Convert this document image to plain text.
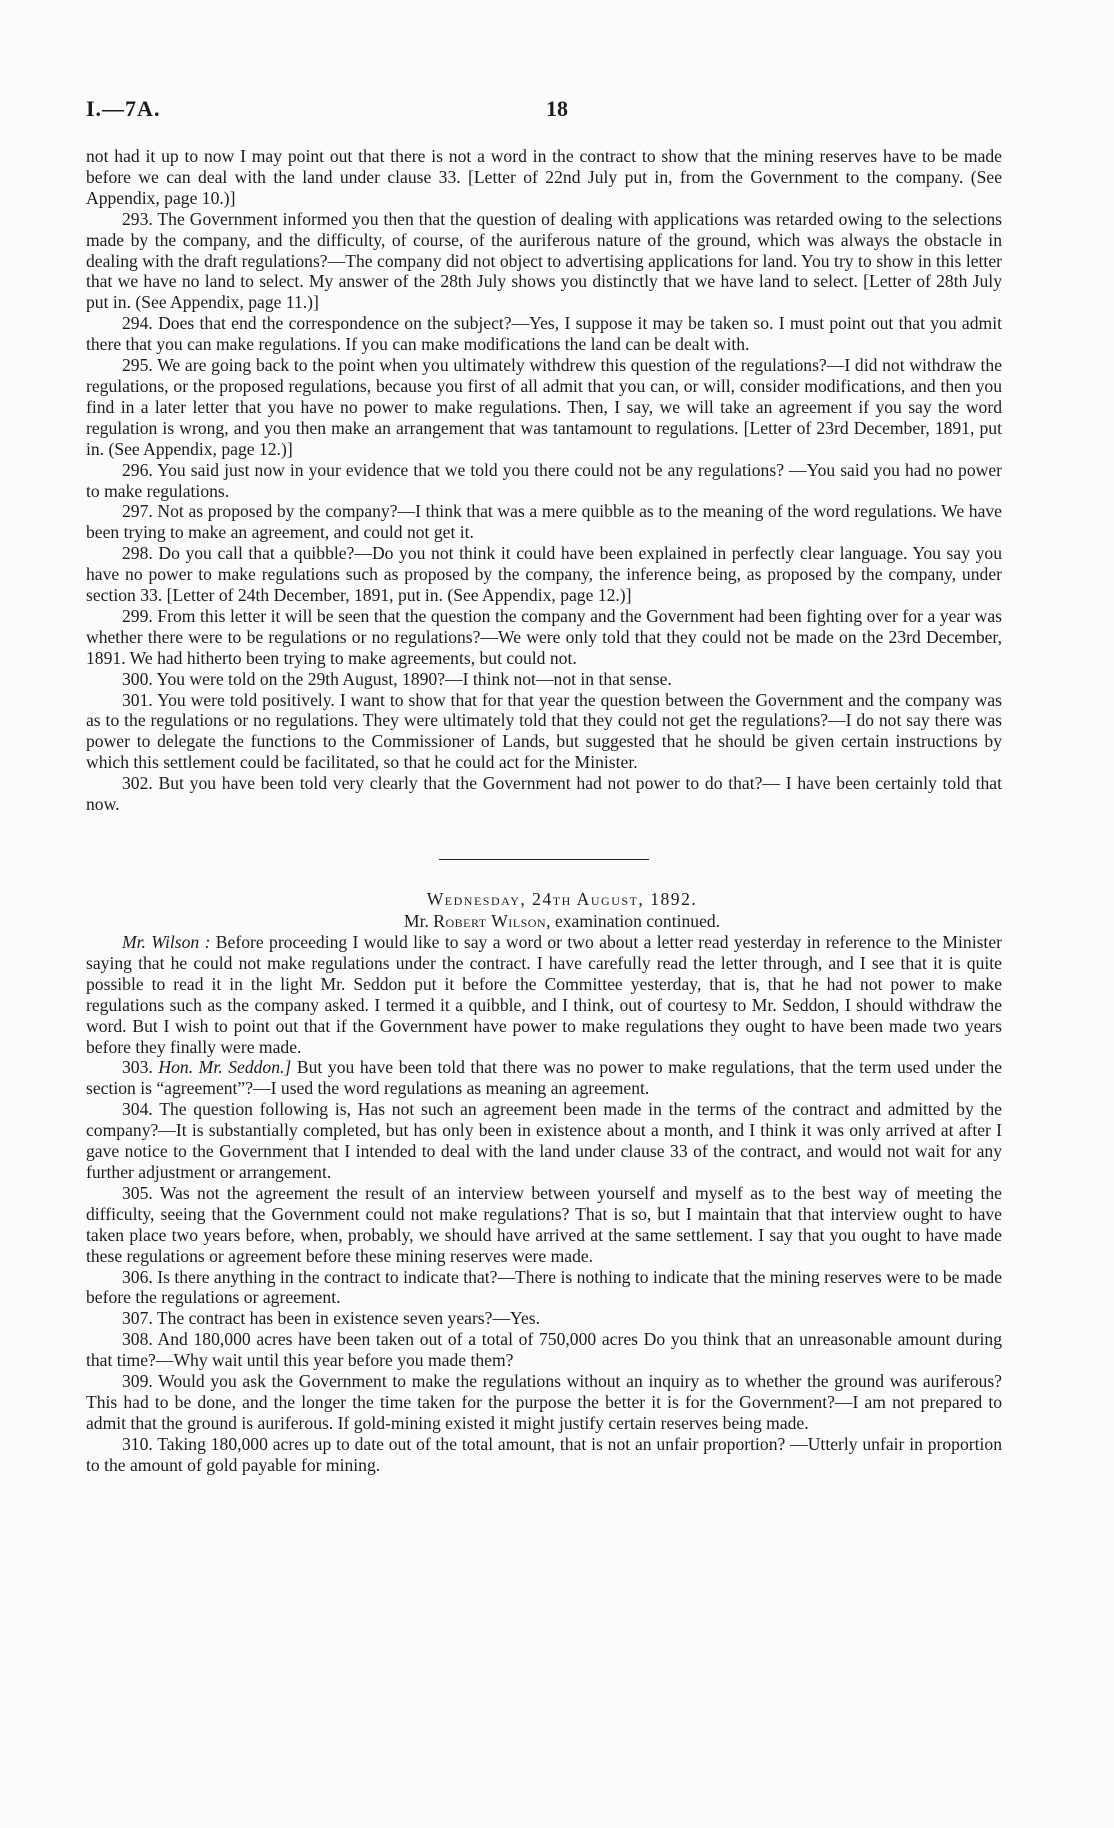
I.—7A.	18

not had it up to now I may point out that there is not a word in the contract to show that the mining reserves have to be made before we can deal with the land under clause 33. [Letter of 22nd July put in, from the Government to the company. (See Appendix, page 10.)]

293. The Government informed you then that the question of dealing with applications was retarded owing to the selections made by the company, and the difficulty, of course, of the auriferous nature of the ground, which was always the obstacle in dealing with the draft regulations?—The company did not object to advertising applications for land. You try to show in this letter that we have no land to select. My answer of the 28th July shows you distinctly that we have land to select. [Letter of 28th July put in. (See Appendix, page 11.)]

294. Does that end the correspondence on the subject?—Yes, I suppose it may be taken so. I must point out that you admit there that you can make regulations. If you can make modifications the land can be dealt with.

295. We are going back to the point when you ultimately withdrew this question of the regulations?—I did not withdraw the regulations, or the proposed regulations, because you first of all admit that you can, or will, consider modifications, and then you find in a later letter that you have no power to make regulations. Then, I say, we will take an agreement if you say the word regulation is wrong, and you then make an arrangement that was tantamount to regulations. [Letter of 23rd December, 1891, put in. (See Appendix, page 12.)]

296. You said just now in your evidence that we told you there could not be any regulations? —You said you had no power to make regulations.

297. Not as proposed by the company?—I think that was a mere quibble as to the meaning of the word regulations. We have been trying to make an agreement, and could not get it.

298. Do you call that a quibble?—Do you not think it could have been explained in perfectly clear language. You say you have no power to make regulations such as proposed by the company, the inference being, as proposed by the company, under section 33. [Letter of 24th December, 1891, put in. (See Appendix, page 12.)]

299. From this letter it will be seen that the question the company and the Government had been fighting over for a year was whether there were to be regulations or no regulations?—We were only told that they could not be made on the 23rd December, 1891. We had hitherto been trying to make agreements, but could not.

300. You were told on the 29th August, 1890?—I think not—not in that sense.

301. You were told positively. I want to show that for that year the question between the Government and the company was as to the regulations or no regulations. They were ultimately told that they could not get the regulations?—I do not say there was power to delegate the functions to the Commissioner of Lands, but suggested that he should be given certain instructions by which this settlement could be facilitated, so that he could act for the Minister.

302. But you have been told very clearly that the Government had not power to do that?— I have been certainly told that now.

Wednesday, 24th August, 1892.

Mr. Robert Wilson, examination continued.

Mr. Wilson : Before proceeding I would like to say a word or two about a letter read yesterday in reference to the Minister saying that he could not make regulations under the contract. I have carefully read the letter through, and I see that it is quite possible to read it in the light Mr. Seddon put it before the Committee yesterday, that is, that he had not power to make regulations such as the company asked. I termed it a quibble, and I think, out of courtesy to Mr. Seddon, I should withdraw the word. But I wish to point out that if the Government have power to make regulations they ought to have been made two years before they finally were made.

303. Hon. Mr. Seddon.] But you have been told that there was no power to make regulations, that the term used under the section is “agreement”?—I used the word regulations as meaning an agreement.

304. The question following is, Has not such an agreement been made in the terms of the contract and admitted by the company?—It is substantially completed, but has only been in existence about a month, and I think it was only arrived at after I gave notice to the Government that I intended to deal with the land under clause 33 of the contract, and would not wait for any further adjustment or arrangement.

305. Was not the agreement the result of an interview between yourself and myself as to the best way of meeting the difficulty, seeing that the Government could not make regulations? That is so, but I maintain that that interview ought to have taken place two years before, when, probably, we should have arrived at the same settlement. I say that you ought to have made these regulations or agreement before these mining reserves were made.

306. Is there anything in the contract to indicate that?—There is nothing to indicate that the mining reserves were to be made before the regulations or agreement.

307. The contract has been in existence seven years?—Yes.

308. And 180,000 acres have been taken out of a total of 750,000 acres Do you think that an unreasonable amount during that time?—Why wait until this year before you made them?

309. Would you ask the Government to make the regulations without an inquiry as to whether the ground was auriferous? This had to be done, and the longer the time taken for the purpose the better it is for the Government?—I am not prepared to admit that the ground is auriferous. If gold-mining existed it might justify certain reserves being made.

310. Taking 180,000 acres up to date out of the total amount, that is not an unfair proportion? —Utterly unfair in proportion to the amount of gold payable for mining.
